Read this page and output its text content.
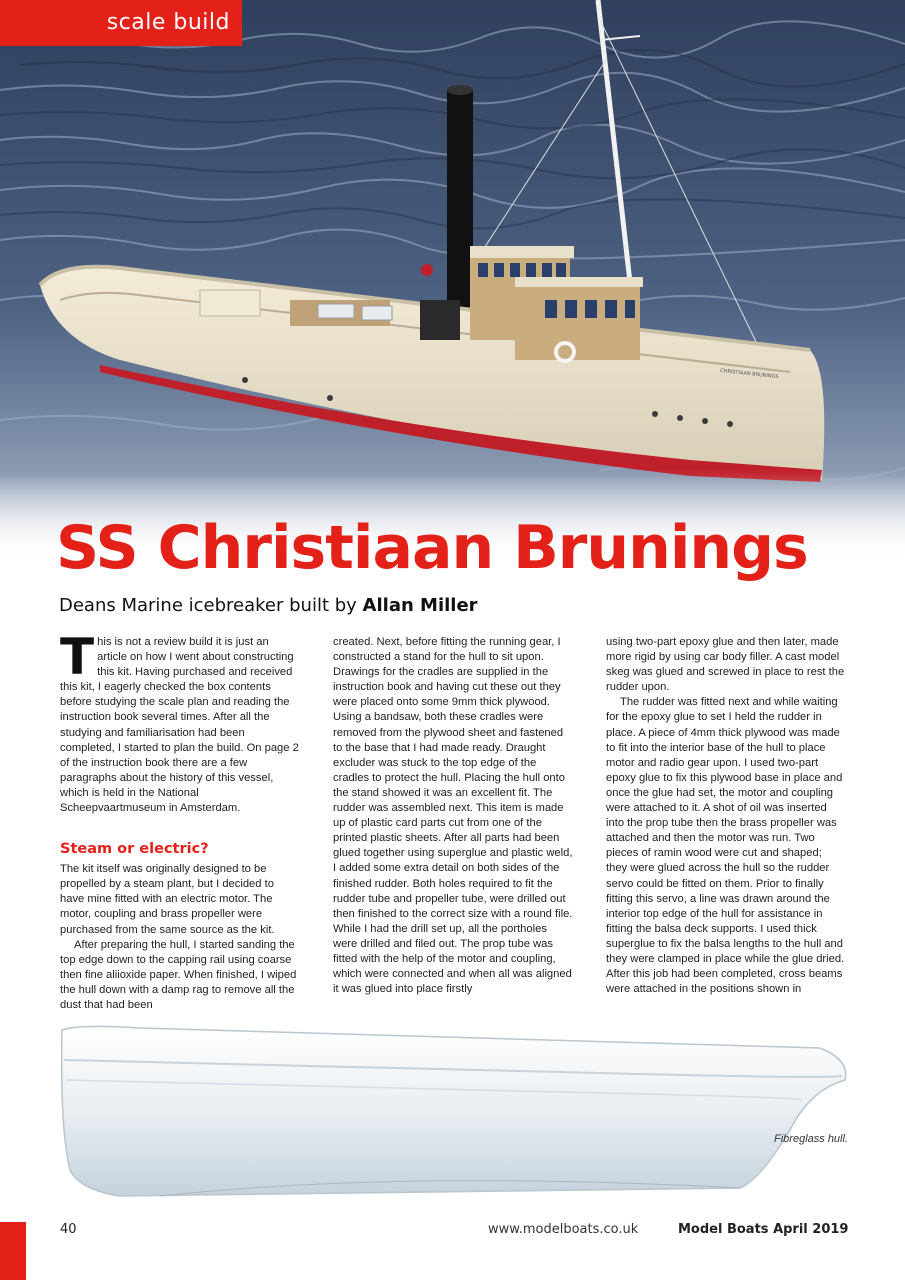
CHRISTIAAN BRUNINGS
scale build
SS Christiaan Brunings
Deans Marine icebreaker built by Allan Miller

This is not a review build it is just an article on how I went about constructing this kit. Having purchased and received this kit, I eagerly checked the box contents before studying the scale plan and reading the instruction book several times. After all the studying and familiarisation had been completed, I started to plan the build. On page 2 of the instruction book there are a few paragraphs about the history of this vessel, which is held in the National Scheepvaartmuseum in Amsterdam.

Steam or electric?

The kit itself was originally designed to be propelled by a steam plant, but I decided to have mine fitted with an electric motor. The motor, coupling and brass propeller were purchased from the same source as the kit.

After preparing the hull, I started sanding the top edge down to the capping rail using coarse then fine aliioxide paper. When finished, I wiped the hull down with a damp rag to remove all the dust that had been

created. Next, before fitting the running gear, I constructed a stand for the hull to sit upon. Drawings for the cradles are supplied in the instruction book and having cut these out they were placed onto some 9mm thick plywood. Using a bandsaw, both these cradles were removed from the plywood sheet and fastened to the base that I had made ready. Draught excluder was stuck to the top edge of the cradles to protect the hull. Placing the hull onto the stand showed it was an excellent fit. The rudder was assembled next. This item is made up of plastic card parts cut from one of the printed plastic sheets. After all parts had been glued together using superglue and plastic weld, I added some extra detail on both sides of the finished rudder. Both holes required to fit the rudder tube and propeller tube, were drilled out then finished to the correct size with a round file. While I had the drill set up, all the portholes were drilled and filed out. The prop tube was fitted with the help of the motor and coupling, which were connected and when all was aligned it was glued into place firstly

using two-part epoxy glue and then later, made more rigid by using car body filler. A cast model skeg was glued and screwed in place to rest the rudder upon.

The rudder was fitted next and while waiting for the epoxy glue to set I held the rudder in place. A piece of 4mm thick plywood was made to fit into the interior base of the hull to place motor and radio gear upon. I used two-part epoxy glue to fix this plywood base in place and once the glue had set, the motor and coupling were attached to it. A shot of oil was inserted into the prop tube then the brass propeller was attached and then the motor was run. Two pieces of ramin wood were cut and shaped; they were glued across the hull so the rudder servo could be fitted on them. Prior to finally fitting this servo, a line was drawn around the interior top edge of the hull for assistance in fitting the balsa deck supports. I used thick superglue to fix the balsa lengths to the hull and they were clamped in place while the glue dried. After this job had been completed, cross beams were attached in the positions shown in

Fibreglass hull.
40	www.modelboats.co.uk	Model Boats April 2019
